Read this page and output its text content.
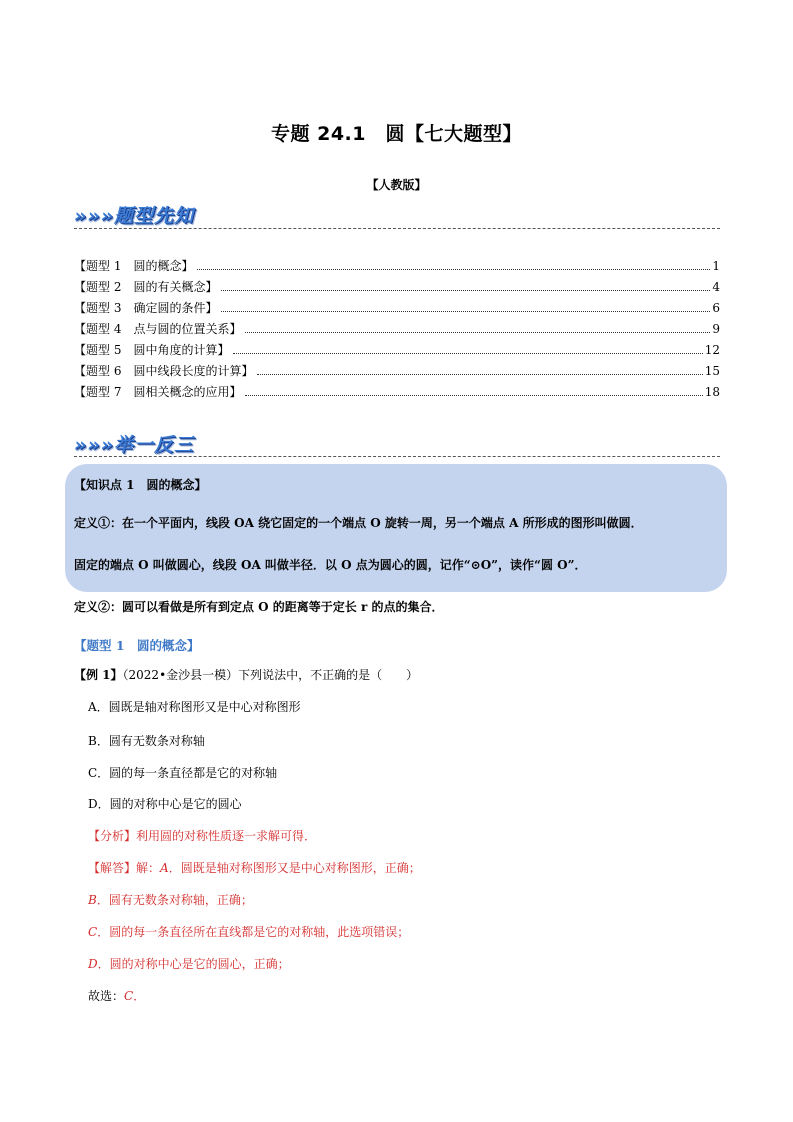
专题 24.1　圆【七大题型】
【人教版】
»»»题型先知
【题型 1　圆的概念】	1
【题型 2　圆的有关概念】	4
【题型 3　确定圆的条件】	6
【题型 4　点与圆的位置关系】	9
【题型 5　圆中角度的计算】	12
【题型 6　圆中线段长度的计算】	15
【题型 7　圆相关概念的应用】	18
»»»举一反三
【知识点 1　圆的概念】
定义①：在一个平面内，线段 OA 绕它固定的一个端点 O 旋转一周，另一个端点 A 所形成的图形叫做圆．
固定的端点 O 叫做圆心，线段 OA 叫做半径．以 O 点为圆心的圆，记作“⊙O”，读作“圆 O”．
定义②：圆可以看做是所有到定点 O 的距离等于定长 r 的点的集合．
【题型 1　圆的概念】
【例 1】（2022•金沙县一模）下列说法中，不正确的是（　　）
A．圆既是轴对称图形又是中心对称图形
B．圆有无数条对称轴
C．圆的每一条直径都是它的对称轴
D．圆的对称中心是它的圆心
【分析】利用圆的对称性质逐一求解可得．
【解答】解：A．圆既是轴对称图形又是中心对称图形，正确；
B．圆有无数条对称轴，正确；
C．圆的每一条直径所在直线都是它的对称轴，此选项错误；
D．圆的对称中心是它的圆心，正确；
故选：C．
